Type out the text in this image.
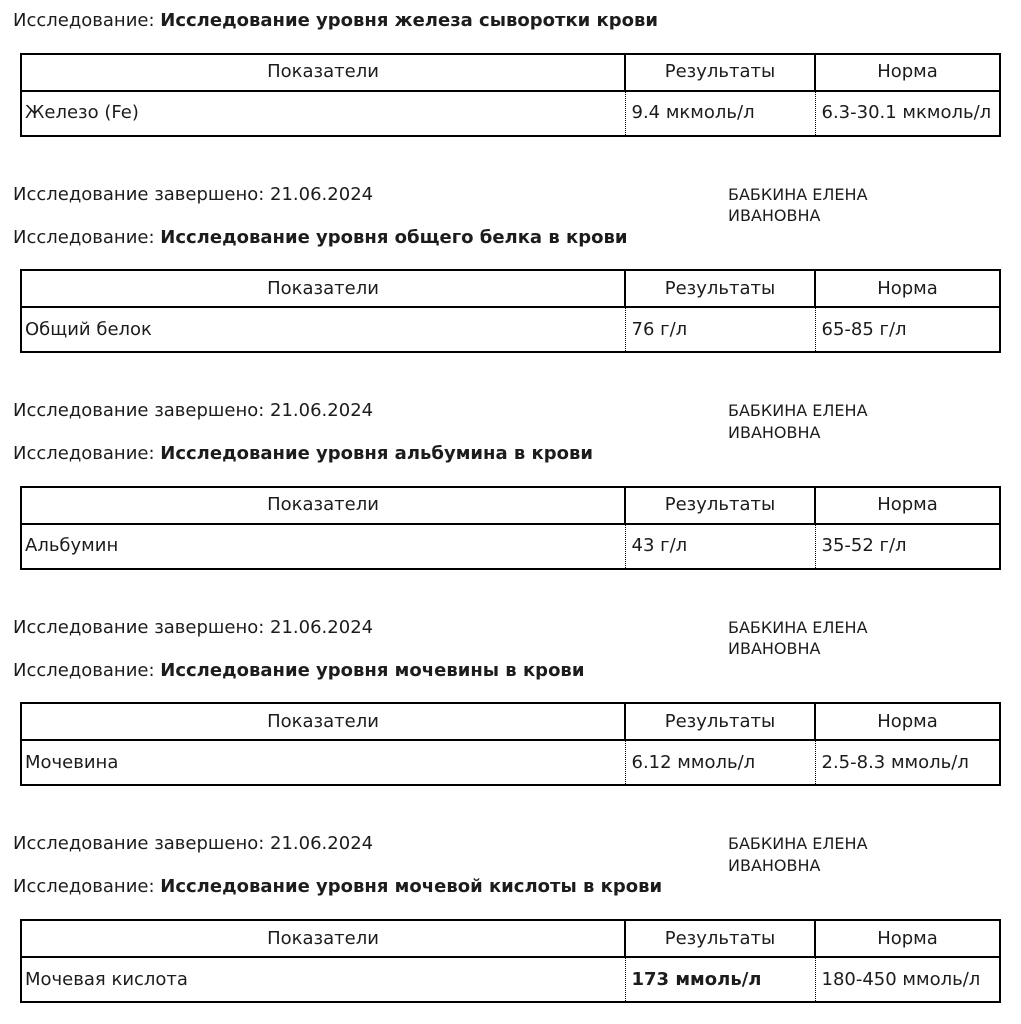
Исследование: Исследование уровня железа сыворотки крови

Показатели	Результаты	Норма
Железо (Fe)	9.4 мкмоль/л	6.3-30.1 мкмоль/л
Исследование завершено: 21.06.2024	БАБКИНА ЕЛЕНА ИВАНОВНА

Исследование: Исследование уровня общего белка в крови

Показатели	Результаты	Норма
Общий белок	76 г/л	65-85 г/л
Исследование завершено: 21.06.2024	БАБКИНА ЕЛЕНА ИВАНОВНА

Исследование: Исследование уровня альбумина в крови

Показатели	Результаты	Норма
Альбумин	43 г/л	35-52 г/л
Исследование завершено: 21.06.2024	БАБКИНА ЕЛЕНА ИВАНОВНА

Исследование: Исследование уровня мочевины в крови

Показатели	Результаты	Норма
Мочевина	6.12 ммоль/л	2.5-8.3 ммоль/л
Исследование завершено: 21.06.2024	БАБКИНА ЕЛЕНА ИВАНОВНА

Исследование: Исследование уровня мочевой кислоты в крови

Показатели	Результаты	Норма
Мочевая кислота	173 ммоль/л	180-450 ммоль/л
